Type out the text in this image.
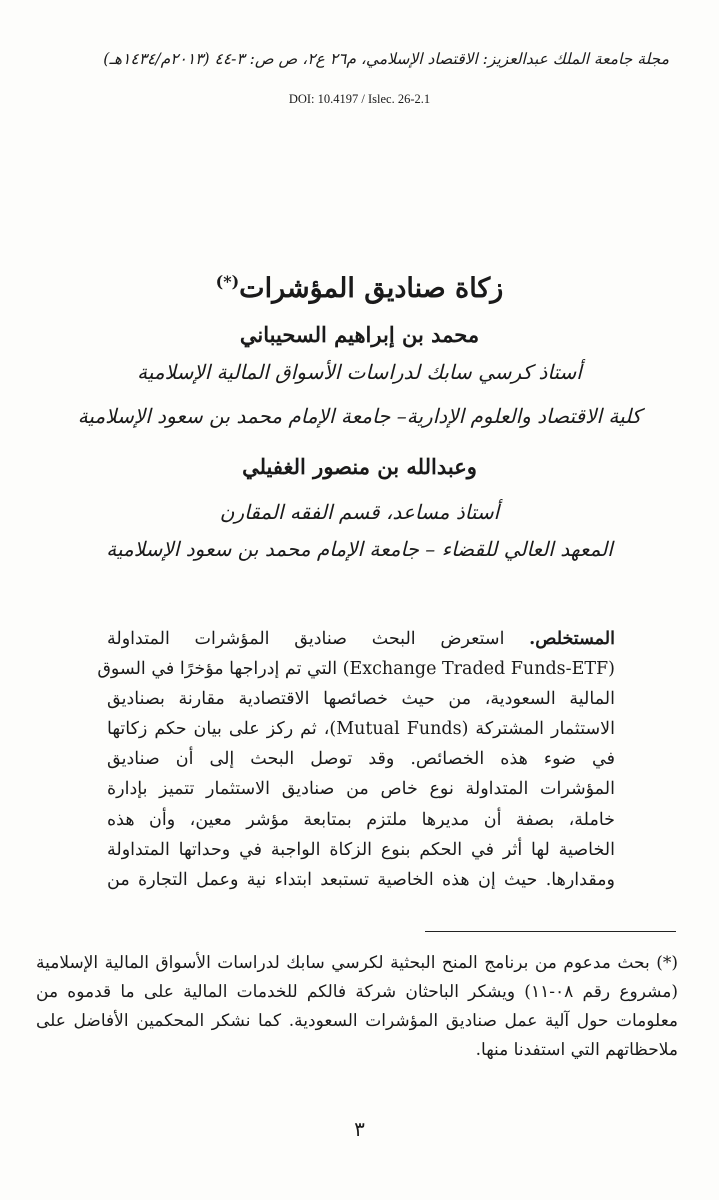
مجلة جامعة الملك عبدالعزيز: الاقتصاد الإسلامي، م٢٦ ع٢، ص ص: ٣-٤٤ (٢٠١٣م/١٤٣٤هـ)
DOI: 10.4197 / Islec. 26-2.1
زكاة صناديق المؤشرات(*)
محمد بن إبراهيم السحيباني
أستاذ كرسي سابك لدراسات الأسواق المالية الإسلامية
كلية الاقتصاد والعلوم الإدارية– جامعة الإمام محمد بن سعود الإسلامية
وعبدالله بن منصور الغفيلي
أستاذ مساعد، قسم الفقه المقارن
المعهد العالي للقضاء – جامعة الإمام محمد بن سعود الإسلامية
المستخلص. استعرض البحث صناديق المؤشرات المتداولة
(Exchange Traded Funds-ETF) التي تم إدراجها مؤخرًا في السوق
المالية السعودية، من حيث خصائصها الاقتصادية مقارنة بصناديق
الاستثمار المشتركة (Mutual Funds)، ثم ركز على بيان حكم زكاتها
في ضوء هذه الخصائص. وقد توصل البحث إلى أن صناديق
المؤشرات المتداولة نوع خاص من صناديق الاستثمار تتميز بإدارة
خاملة، بصفة أن مديرها ملتزم بمتابعة مؤشر معين، وأن هذه
الخاصية لها أثر في الحكم بنوع الزكاة الواجبة في وحداتها المتداولة
ومقدارها. حيث إن هذه الخاصية تستبعد ابتداء نية وعمل التجارة من
(*) بحث مدعوم من برنامج المنح البحثية لكرسي سابك لدراسات الأسواق المالية الإسلامية
(مشروع رقم ٠٨-١١) ويشكر الباحثان شركة فالكم للخدمات المالية على ما قدموه من
معلومات حول آلية عمل صناديق المؤشرات السعودية. كما نشكر المحكمين الأفاضل على
ملاحظاتهم التي استفدنا منها.
٣
